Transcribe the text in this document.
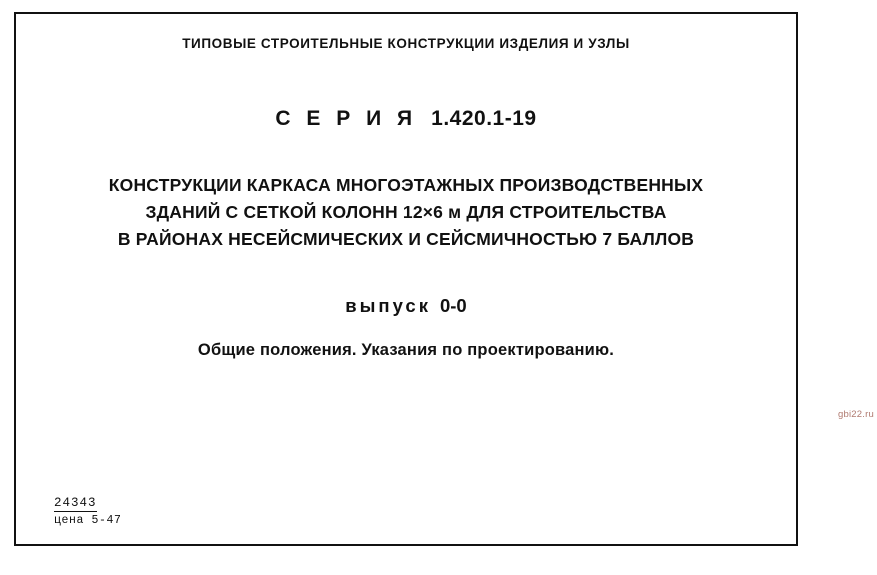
ТИПОВЫЕ СТРОИТЕЛЬНЫЕ КОНСТРУКЦИИ ИЗДЕЛИЯ И УЗЛЫ
С Е Р И Я 1.420.1-19
КОНСТРУКЦИИ КАРКАСА МНОГОЭТАЖНЫХ ПРОИЗВОДСТВЕННЫХ
ЗДАНИЙ С СЕТКОЙ КОЛОНН 12×6 м ДЛЯ СТРОИТЕЛЬСТВА
В РАЙОНАХ НЕСЕЙСМИЧЕСКИХ И СЕЙСМИЧНОСТЬЮ 7 БАЛЛОВ
выпуск 0-0
Общие положения. Указания по проектированию.
24343
цена 5-47
gbi22.ru
